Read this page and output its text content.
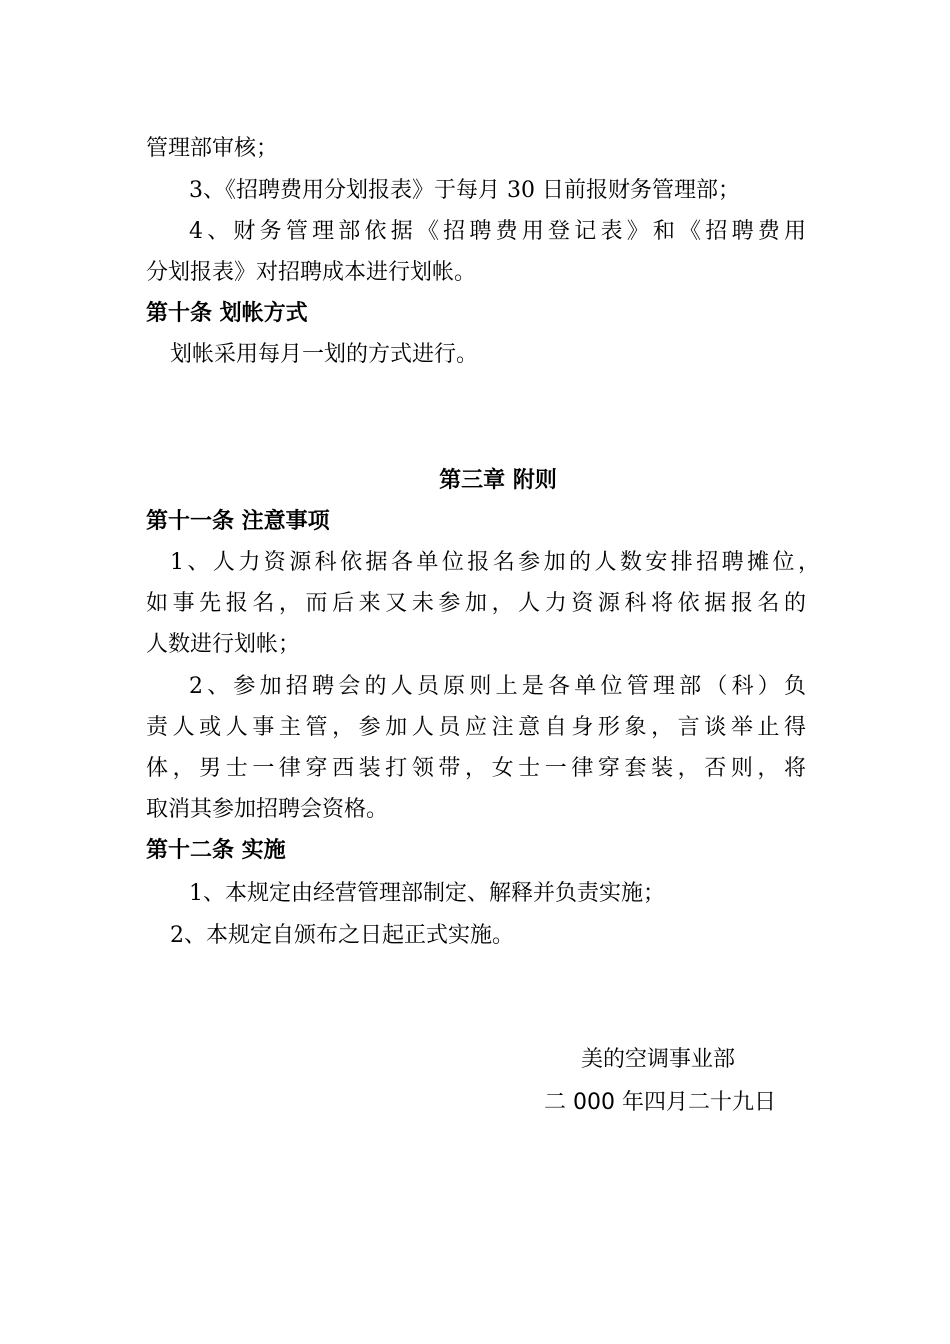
管理部审核；
3、《招聘费用分划报表》于每月 30 日前报财务管理部；
4、财务管理部依据《招聘费用登记表》和《招聘费用
分划报表》对招聘成本进行划帐。
第十条 划帐方式
划帐采用每月一划的方式进行。
第三章 附则
第十一条 注意事项
1、人力资源科依据各单位报名参加的人数安排招聘摊位，
如事先报名，而后来又未参加，人力资源科将依据报名的
人数进行划帐；
2、参加招聘会的人员原则上是各单位管理部（科）负
责人或人事主管，参加人员应注意自身形象，言谈举止得
体，男士一律穿西装打领带，女士一律穿套装，否则，将
取消其参加招聘会资格。
第十二条 实施
1、本规定由经营管理部制定、解释并负责实施；
2、本规定自颁布之日起正式实施。
美的空调事业部
二 000 年四月二十九日
